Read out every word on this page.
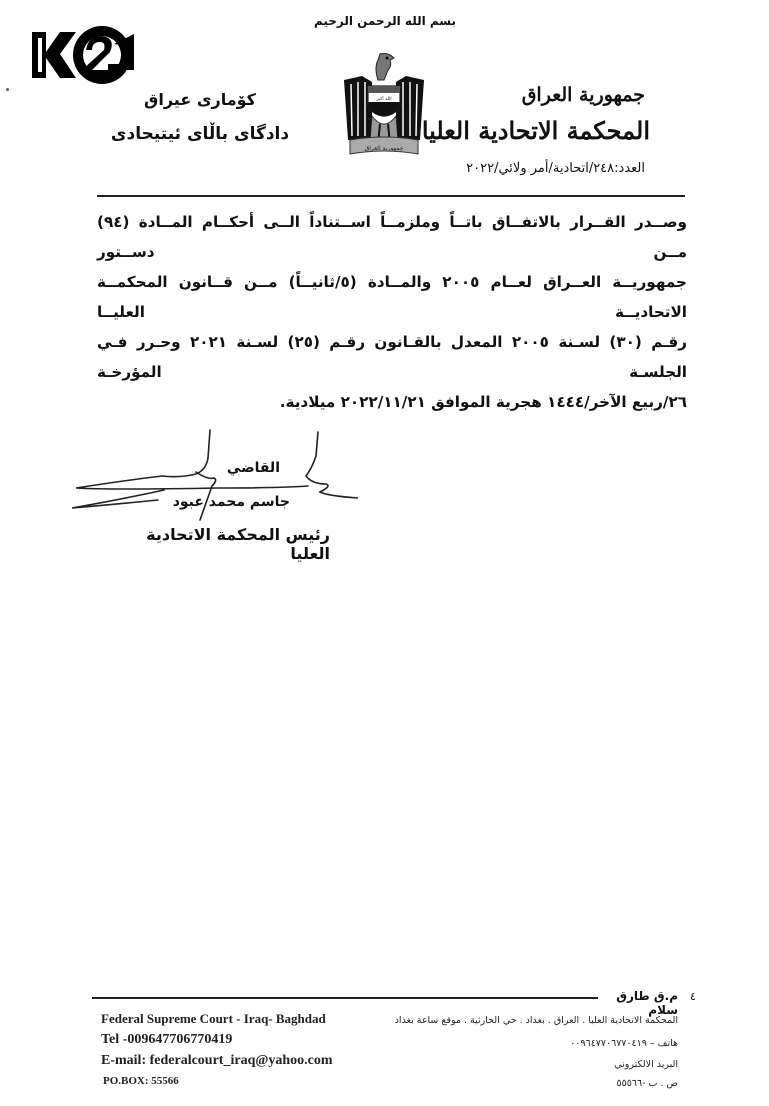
بسم الله الرحمن الرحيم
الله أكبر
جمهورية العراق
جمهورية العراق
المحكمة الاتحادية العليا
العدد:٢٤٨/اتحادية/أمر ولائي/٢٠٢٢
كۆمارى عيراق
دادگاى باڵاى ئیتیحادى

وصــدر القــرار بالاتفــاق باتــاً وملزمــاً اســتناداً الــى أحكــام المــادة (٩٤) مــن دســتور

جمهوريــة العــراق لعــام ٢٠٠٥ والمــادة (٥/ثانيــاً) مــن قــانون المحكمــة الاتحاديــة العليــا

رقـم (٣٠) لسـنة ٢٠٠٥ المعدل بالقـانون رقـم (٢٥) لسـنة ٢٠٢١ وحـرر فـي الجلسـة المؤرخـة

٢٦/ربيع الآخر/١٤٤٤ هجرية الموافق ٢٠٢٢/١١/٢١ ميلادية.

القاضي
جاسم محمد عبود
رئيس المحكمة الاتحادية العليا
٤
م.ق طارق سلام
Federal Supreme Court - Iraq- Baghdad
Tel -009647706770419
E-mail: federalcourt_iraq@yahoo.com
PO.BOX: 55566
المحكمة الاتحادية العليا . العراق . بغداد . حي الحارثية . موقع ساعة بغداد
هاتف – ٠٠٩٦٤٧٧٠٦٧٧٠٤١٩
البريد الالكتروني
ص . ب -٥٥٥٦٦
